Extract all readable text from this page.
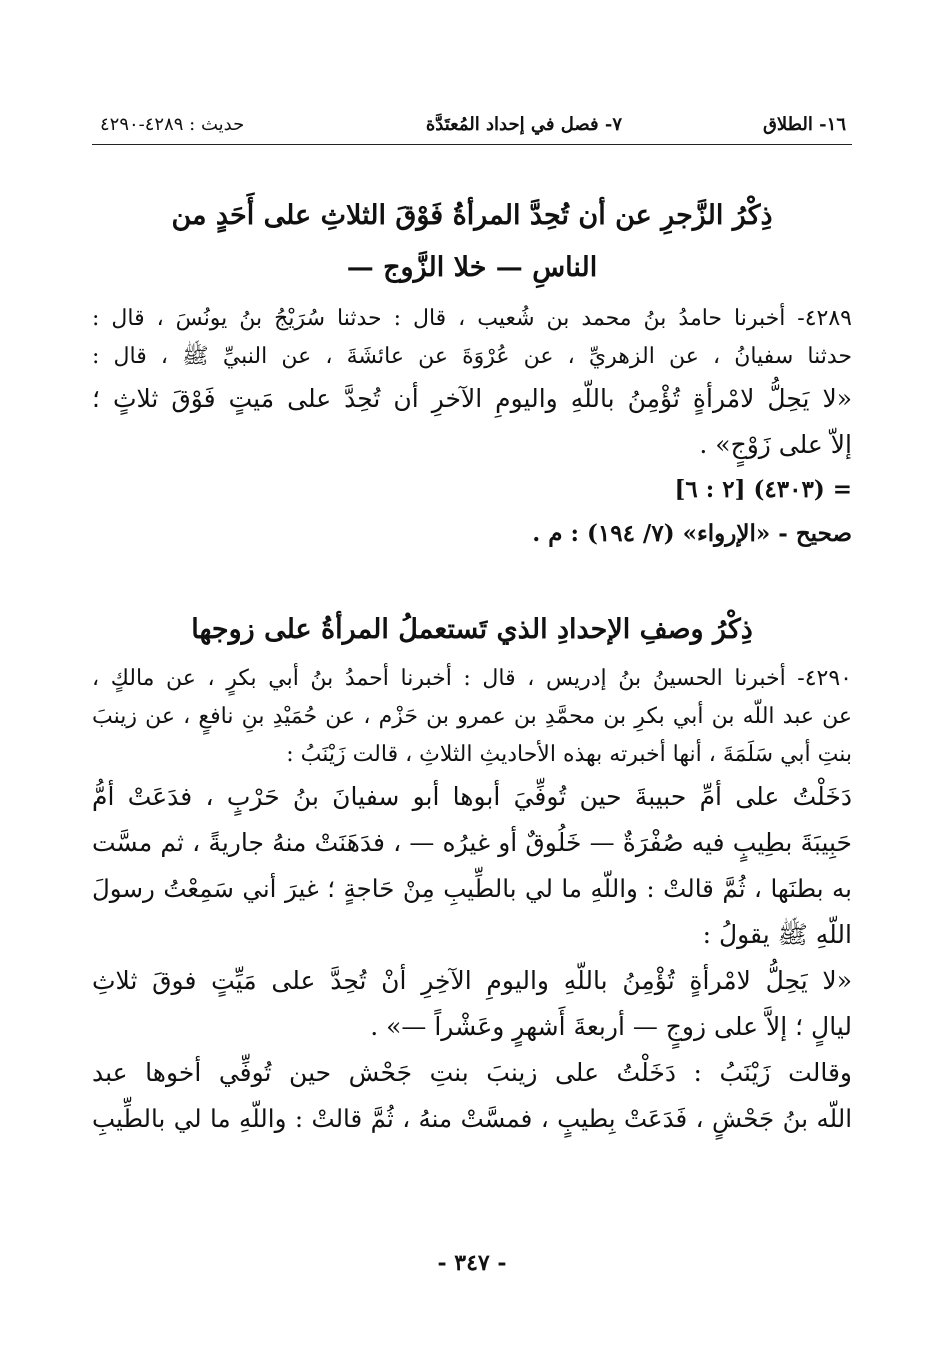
١٦- الطلاق
٧- فصل في إحداد المُعتَدَّة
حديث : ٤٢٨٩-٤٢٩٠
ذِكْرُ الزَّجرِ عن أن تُحِدَّ المرأةُ فَوْقَ الثلاثِ على أَحَدٍ من
الناسِ — خلا الزَّوج —
٤٢٨٩- أخبرنا حامدُ بنُ محمد بن شُعيب ، قال : حدثنا سُرَيْجُ بنُ يونُسَ ، قال :
حدثنا سفيانُ ، عن الزهريِّ ، عن عُرْوَةَ عن عائشَةَ ، عن النبيِّ ﷺ ، قال :
«لا يَحِلُّ لامْرأةٍ تُؤْمِنُ باللّهِ واليومِ الآخرِ أن تُحِدَّ على مَيتٍ فَوْقَ ثلاثٍ ؛
إلاّ على زَوْجٍ» .
= (٤٣٠٣) [٢ : ٦]
صحيح - «الإرواء» (٧/ ١٩٤) : م .
ذِكْرُ وصفِ الإحدادِ الذي تَستعملُ المرأةُ على زوجها
٤٢٩٠- أخبرنا الحسينُ بنُ إدريس ، قال : أخبرنا أحمدُ بنُ أبي بكرٍ ، عن مالكٍ ،
عن عبد اللّه بن أبي بكرِ بن محمَّدِ بن عمرو بن حَزْم ، عن حُمَيْدِ بنِ نافعٍ ، عن زينبَ
بنتِ أبي سَلَمَةَ ، أنها أخبرته بهذه الأحاديثِ الثلاثِ ، قالت زَيْنَبُ :
دَخَلْتُ على أمِّ حبيبةَ حين تُوفِّيَ أبوها أبو سفيانَ بنُ حَرْبٍ ، فدَعَتْ أمُّ
حَبِيبَةَ بطِيبٍ فيه صُفْرَةٌ — خَلُوقٌ أو غيرُه — ، فدَهَنَتْ منهُ جاريةً ، ثم مسَّت
به بطنَها ، ثُمَّ قالتْ : واللّهِ ما لي بالطِّيبِ مِنْ حَاجةٍ ؛ غيرَ أني سَمِعْتُ رسولَ
اللّهِ ﷺ يقولُ :
«لا يَحِلُّ لامْرأةٍ تُؤْمِنُ باللّهِ واليومِ الآخِرِ أنْ تُحِدَّ على مَيِّتٍ فوقَ ثلاثِ
ليالٍ ؛ إلاَّ على زوجٍ — أربعةَ أَشهرٍ وعَشْراً —» .
وقالت زَيْنَبُ : دَخَلْتُ على زينبَ بنتِ جَحْش حين تُوفِّي أخوها عبد
اللّه بنُ جَحْشٍ ، فَدَعَتْ بِطيبٍ ، فمسَّتْ منهُ ، ثُمَّ قالتْ : واللّهِ ما لي بالطِّيبِ
- ٣٤٧ -
